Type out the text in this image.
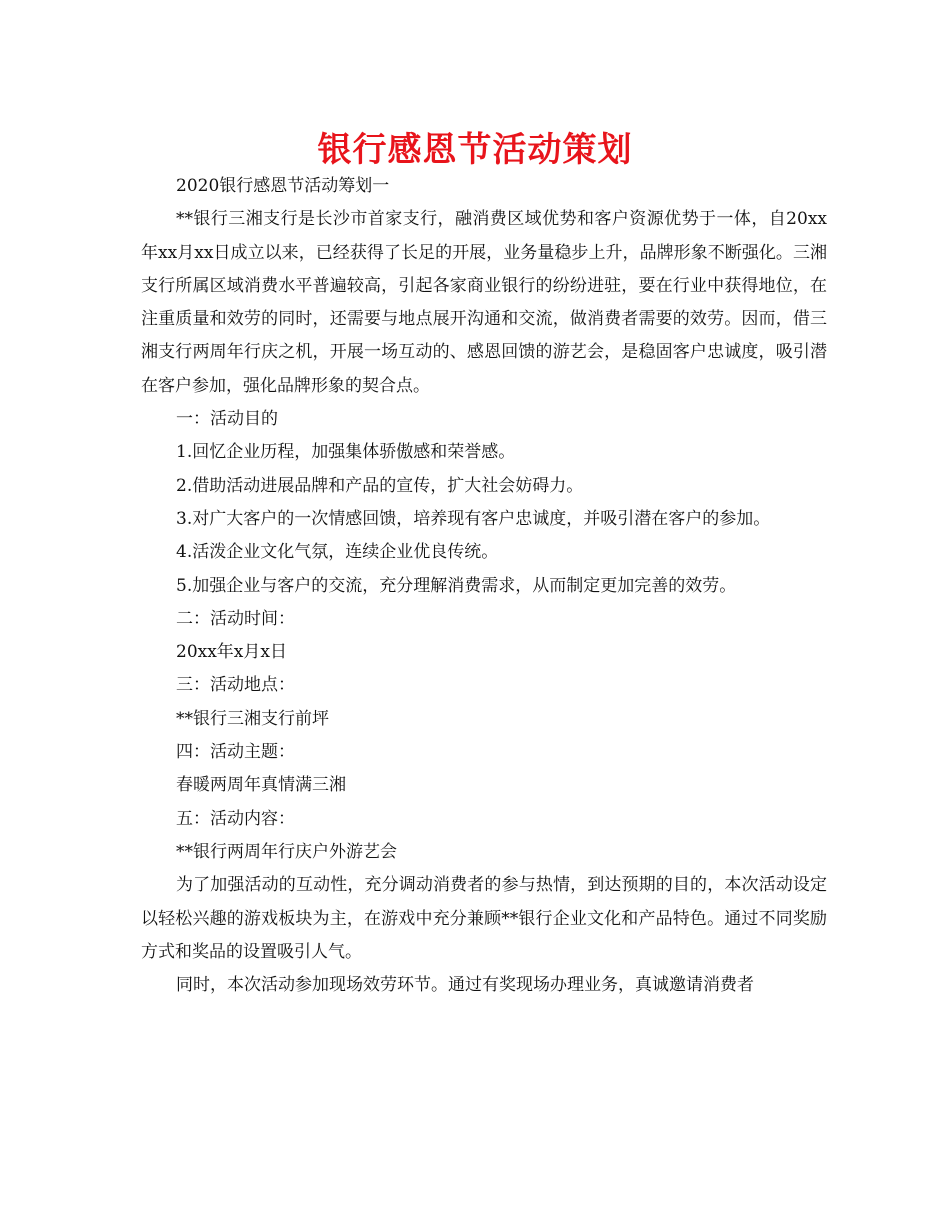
银行感恩节活动策划

2020银行感恩节活动筹划一

**银行三湘支行是长沙市首家支行，融消费区域优势和客户资源优势于一体，自20xx年xx月xx日成立以来，已经获得了长足的开展，业务量稳步上升，品牌形象不断强化。三湘支行所属区域消费水平普遍较高，引起各家商业银行的纷纷进驻，要在行业中获得地位，在注重质量和效劳的同时，还需要与地点展开沟通和交流，做消费者需要的效劳。因而，借三湘支行两周年行庆之机，开展一场互动的、感恩回馈的游艺会，是稳固客户忠诚度，吸引潜在客户参加，强化品牌形象的契合点。

一：活动目的

1.回忆企业历程，加强集体骄傲感和荣誉感。

2.借助活动进展品牌和产品的宣传，扩大社会妨碍力。

3.对广大客户的一次情感回馈，培养现有客户忠诚度，并吸引潜在客户的参加。

4.活泼企业文化气氛，连续企业优良传统。

5.加强企业与客户的交流，充分理解消费需求，从而制定更加完善的效劳。

二：活动时间：

20xx年x月x日

三：活动地点：

**银行三湘支行前坪

四：活动主题：

春暖两周年真情满三湘

五：活动内容：

**银行两周年行庆户外游艺会

为了加强活动的互动性，充分调动消费者的参与热情，到达预期的目的，本次活动设定以轻松兴趣的游戏板块为主，在游戏中充分兼顾**银行企业文化和产品特色。通过不同奖励方式和奖品的设置吸引人气。

同时，本次活动参加现场效劳环节。通过有奖现场办理业务，真诚邀请消费者
